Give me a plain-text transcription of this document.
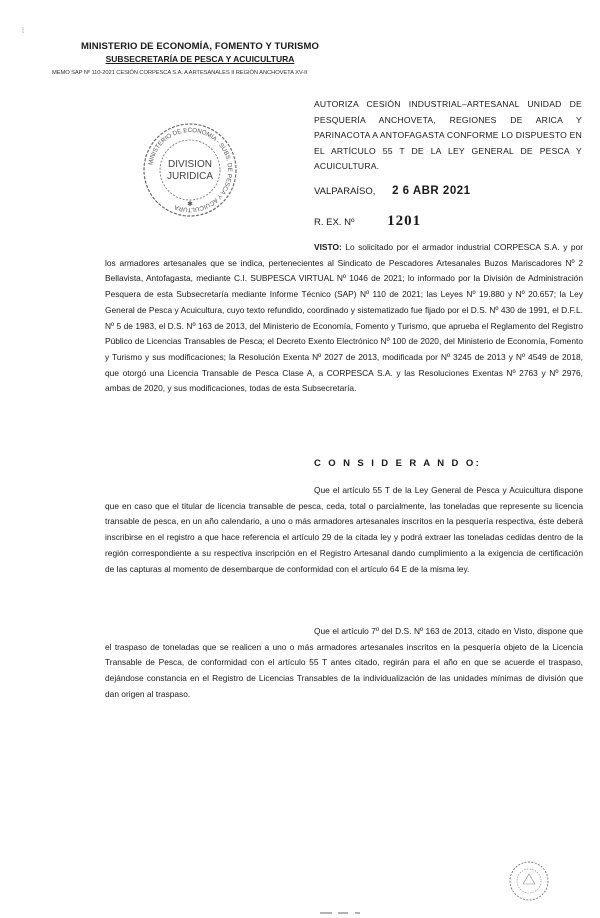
⁞
MINISTERIO DE ECONOMÍA, FOMENTO Y TURISMO
SUBSECRETARÍA DE PESCA Y ACUICULTURA
MEMO SAP Nº 110-2021 CESIÓN CORPESCA S.A. A ARTESANALES II REGIÓN ANCHOVETA XV-II
MINISTERIO DE ECONOMÍA - SUBS. DE PESCA Y ACUICULTURA
DIVISION
JURIDICA
✱
AUTORIZA CESIÓN INDUSTRIAL–ARTESANAL UNIDAD DE PESQUERÍA ANCHOVETA, REGIONES DE ARICA Y PARINACOTA A ANTOFAGASTA CONFORME LO DISPUESTO EN EL ARTÍCULO 55 T DE LA LEY GENERAL DE PESCA Y ACUICULTURA.
VALPARAÍSO, 2 6 ABR 2021
R. EX. Nº 1201
VISTO: Lo solicitado por el armador industrial CORPESCA S.A. y por los armadores artesanales que se indica, pertenecientes al Sindicato de Pescadores Artesanales Buzos Mariscadores Nº 2 Bellavista, Antofagasta, mediante C.I. SUBPESCA VIRTUAL Nº 1046 de 2021; lo informado por la División de Administración Pesquera de esta Subsecretaría mediante Informe Técnico (SAP) Nº 110 de 2021; las Leyes Nº 19.880 y Nº 20.657; la Ley General de Pesca y Acuicultura, cuyo texto refundido, coordinado y sistematizado fue fijado por el D.S. Nº 430 de 1991, el D.F.L. Nº 5 de 1983, el D.S. Nº 163 de 2013, del Ministerio de Economía, Fomento y Turismo, que aprueba el Reglamento del Registro Público de Licencias Transables de Pesca; el Decreto Exento Electrónico Nº 100 de 2020, del Ministerio de Economía, Fomento y Turismo y sus modificaciones; la Resolución Exenta Nº 2027 de 2013, modificada por Nº 3245 de 2013 y Nº 4549 de 2018, que otorgó una Licencia Transable de Pesca Clase A, a CORPESCA S.A. y las Resoluciones Exentas Nº 2763 y Nº 2976, ambas de 2020, y sus modificaciones, todas de esta Subsecretaría.
C O N S I D E R A N D O:
Que el artículo 55 T de la Ley General de Pesca y Acuicultura dispone que en caso que el titular de licencia transable de pesca, ceda, total o parcialmente, las toneladas que represente su licencia transable de pesca, en un año calendario, a uno o más armadores artesanales inscritos en la pesquería respectiva, éste deberá inscribirse en el registro a que hace referencia el artículo 29 de la citada ley y podrá extraer las toneladas cedidas dentro de la región correspondiente a su respectiva inscripción en el Registro Artesanal dando cumplimiento a la exigencia de certificación de las capturas al momento de desembarque de conformidad con el artículo 64 E de la misma ley.
Que el artículo 7º del D.S. Nº 163 de 2013, citado en Visto, dispone que el traspaso de toneladas que se realicen a uno o más armadores artesanales inscritos en la pesquería objeto de la Licencia Transable de Pesca, de conformidad con el artículo 55 T antes citado, regirán para el año en que se acuerde el traspaso, dejándose constancia en el Registro de Licencias Transables de la individualización de las unidades mínimas de división que dan origen al traspaso.
